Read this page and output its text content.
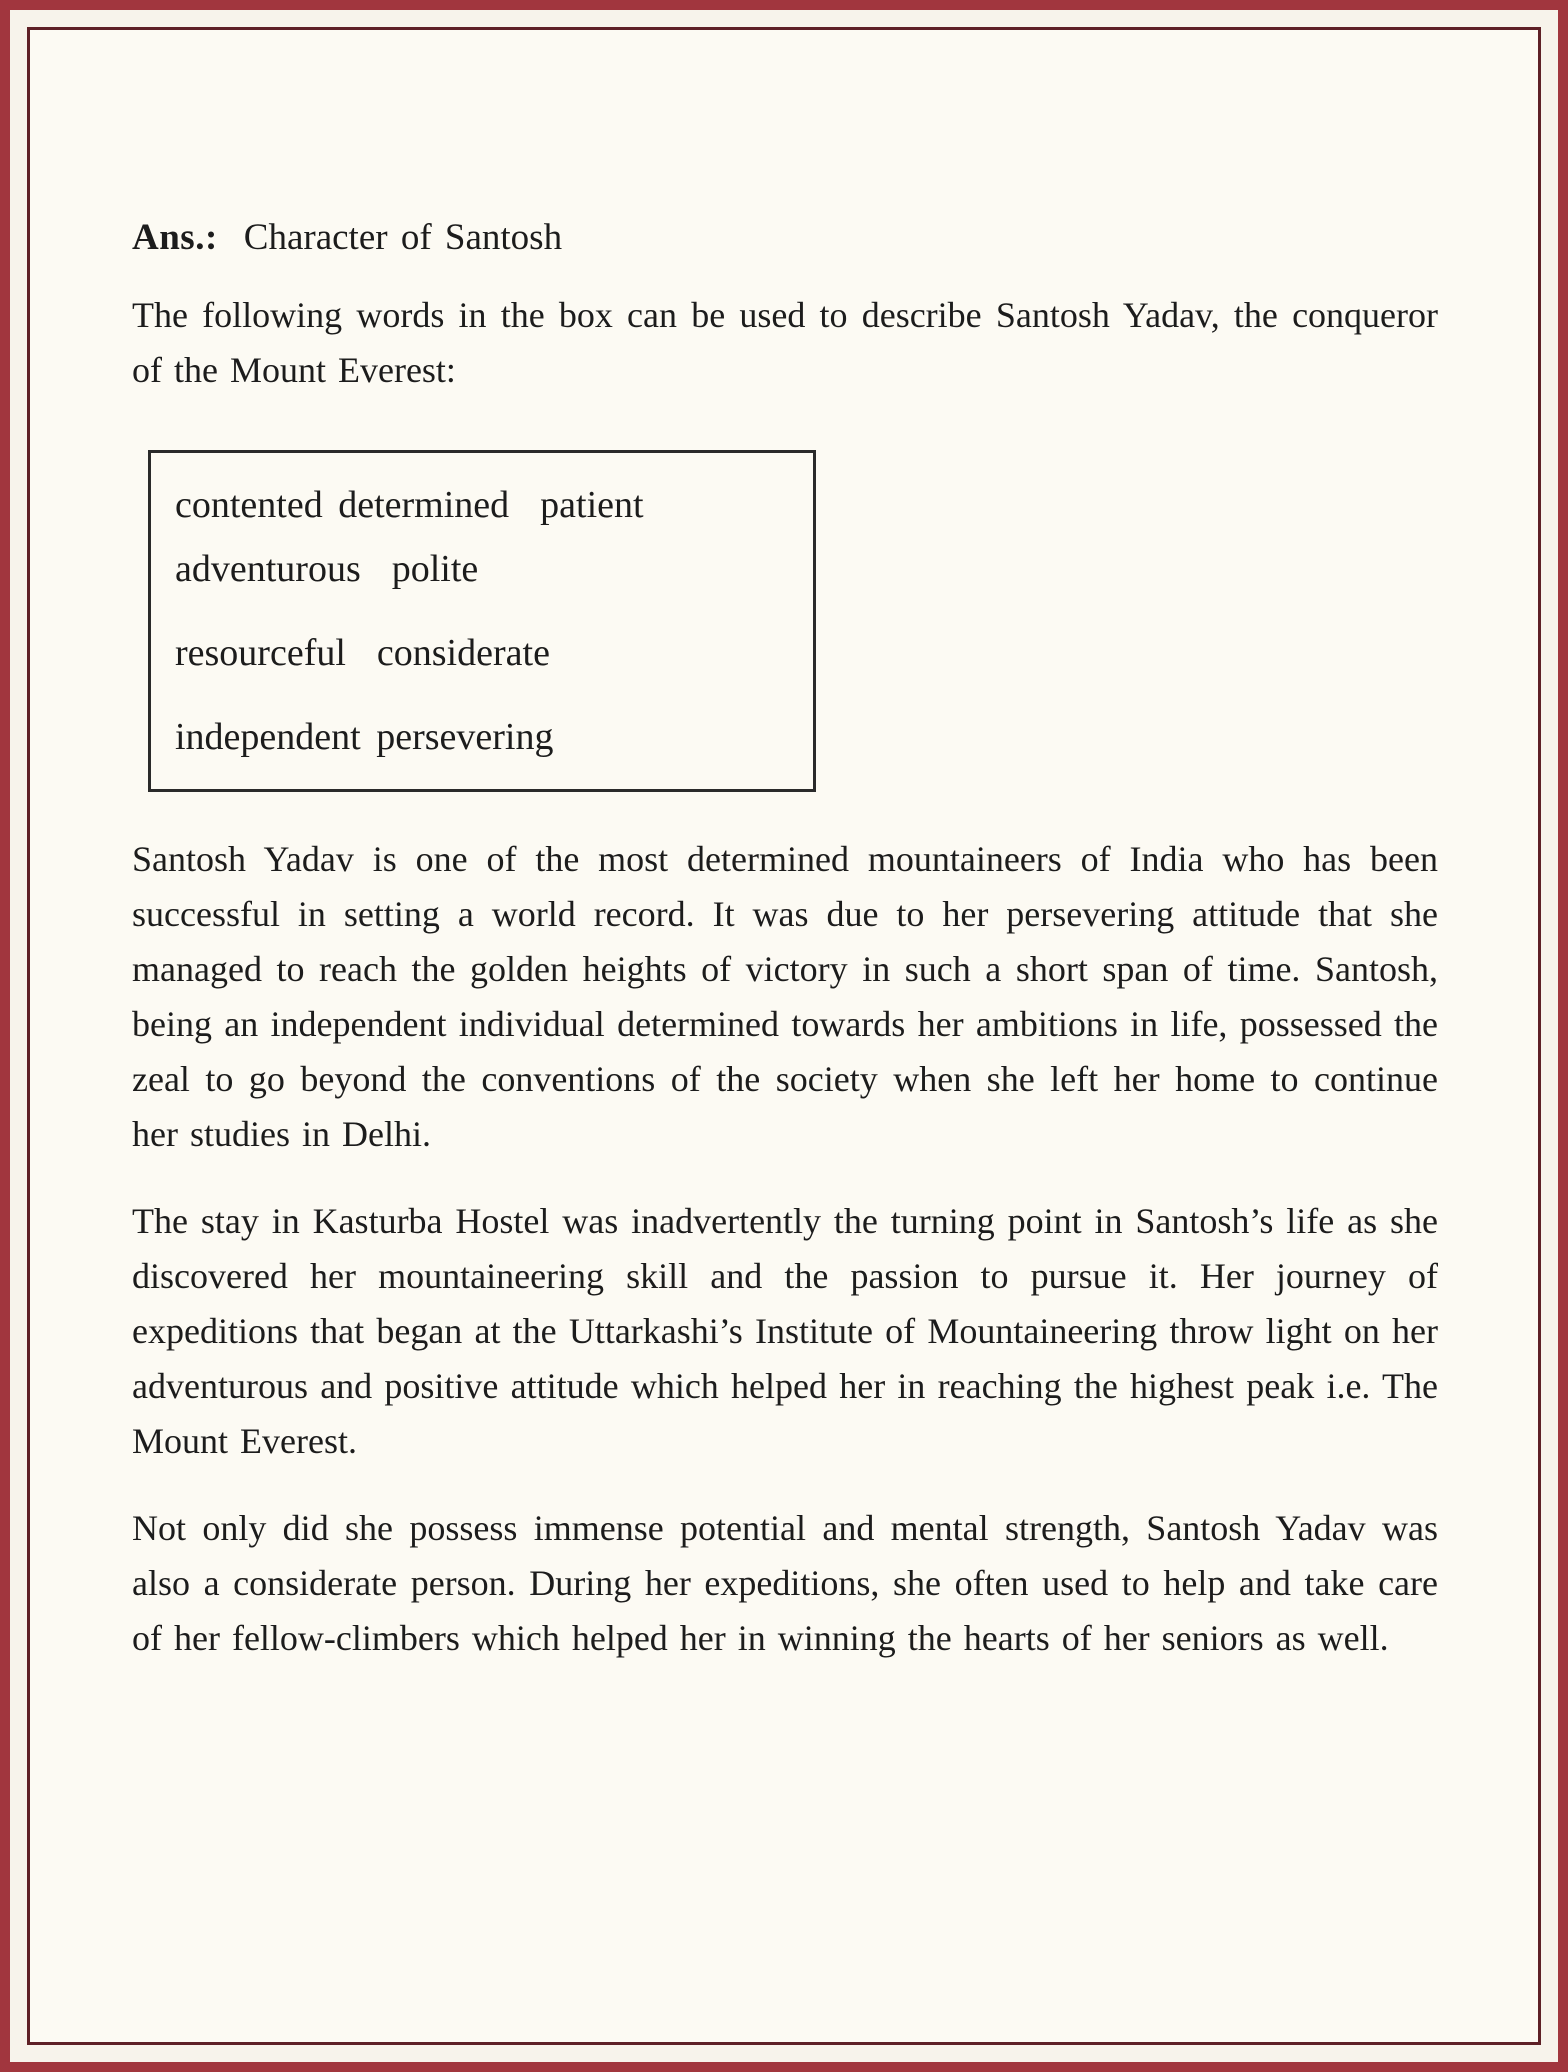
Ans.: Character of Santosh

The following words in the box can be used to describe Santosh Yadav, the conqueror of the Mount Everest:

contented determined  patient
adventurous  polite
resourceful  considerate
independent persevering

Santosh Yadav is one of the most determined mountaineers of India who has been successful in setting a world record. It was due to her persevering attitude that she managed to reach the golden heights of victory in such a short span of time. Santosh, being an independent individual determined towards her ambitions in life, possessed the zeal to go beyond the conventions of the society when she left her home to continue her studies in Delhi.

The stay in Kasturba Hostel was inadvertently the turning point in Santosh’s life as she discovered her mountaineering skill and the passion to pursue it. Her journey of expeditions that began at the Uttarkashi’s Institute of Mountaineering throw light on her adventurous and positive attitude which helped her in reaching the highest peak i.e. The Mount Everest.

Not only did she possess immense potential and mental strength, Santosh Yadav was also a considerate person. During her expeditions, she often used to help and take care of her fellow-climbers which helped her in winning the hearts of her seniors as well.
